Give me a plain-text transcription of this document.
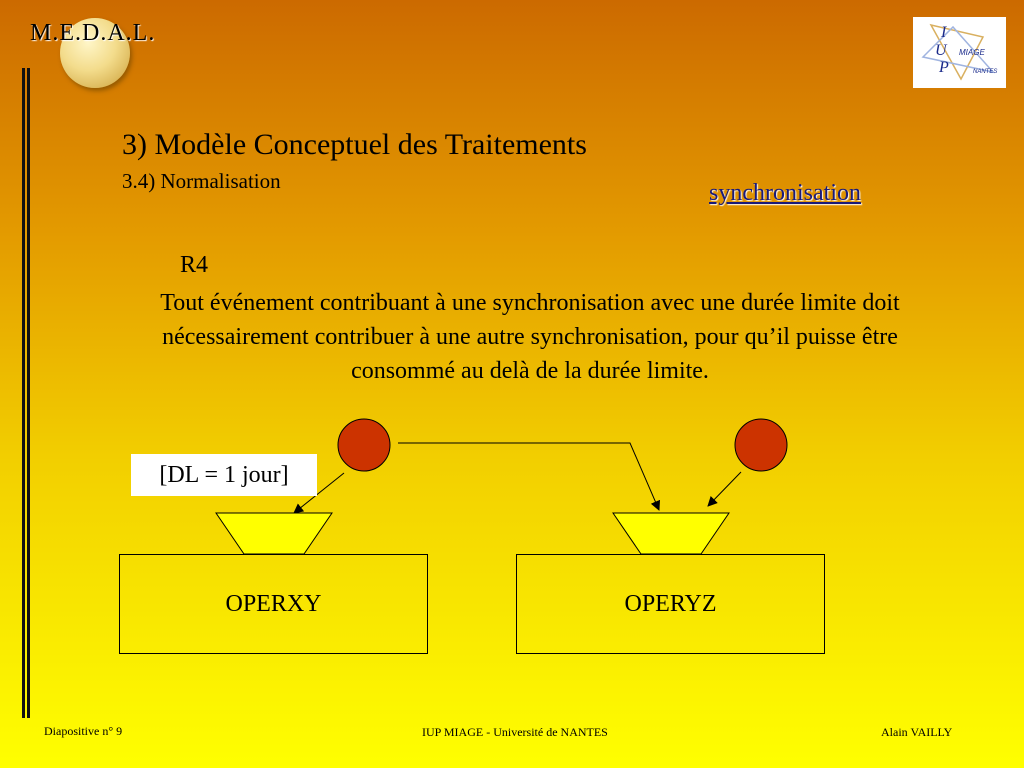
M.E.D.A.L.	I
U
P
MIAGE
NANTES
3) Modèle Conceptuel des Traitements
3.4) Normalisation	synchronisation
R4
Tout événement contribuant à une synchronisation avec une durée limite doit nécessairement contribuer à une autre synchronisation, pour qu’il puisse être consommé au delà de la durée limite.
[DL = 1 jour]
OPERXY	OPERYZ
Diapositive n° 9	IUP MIAGE - Université de NANTES	Alain VAILLY
